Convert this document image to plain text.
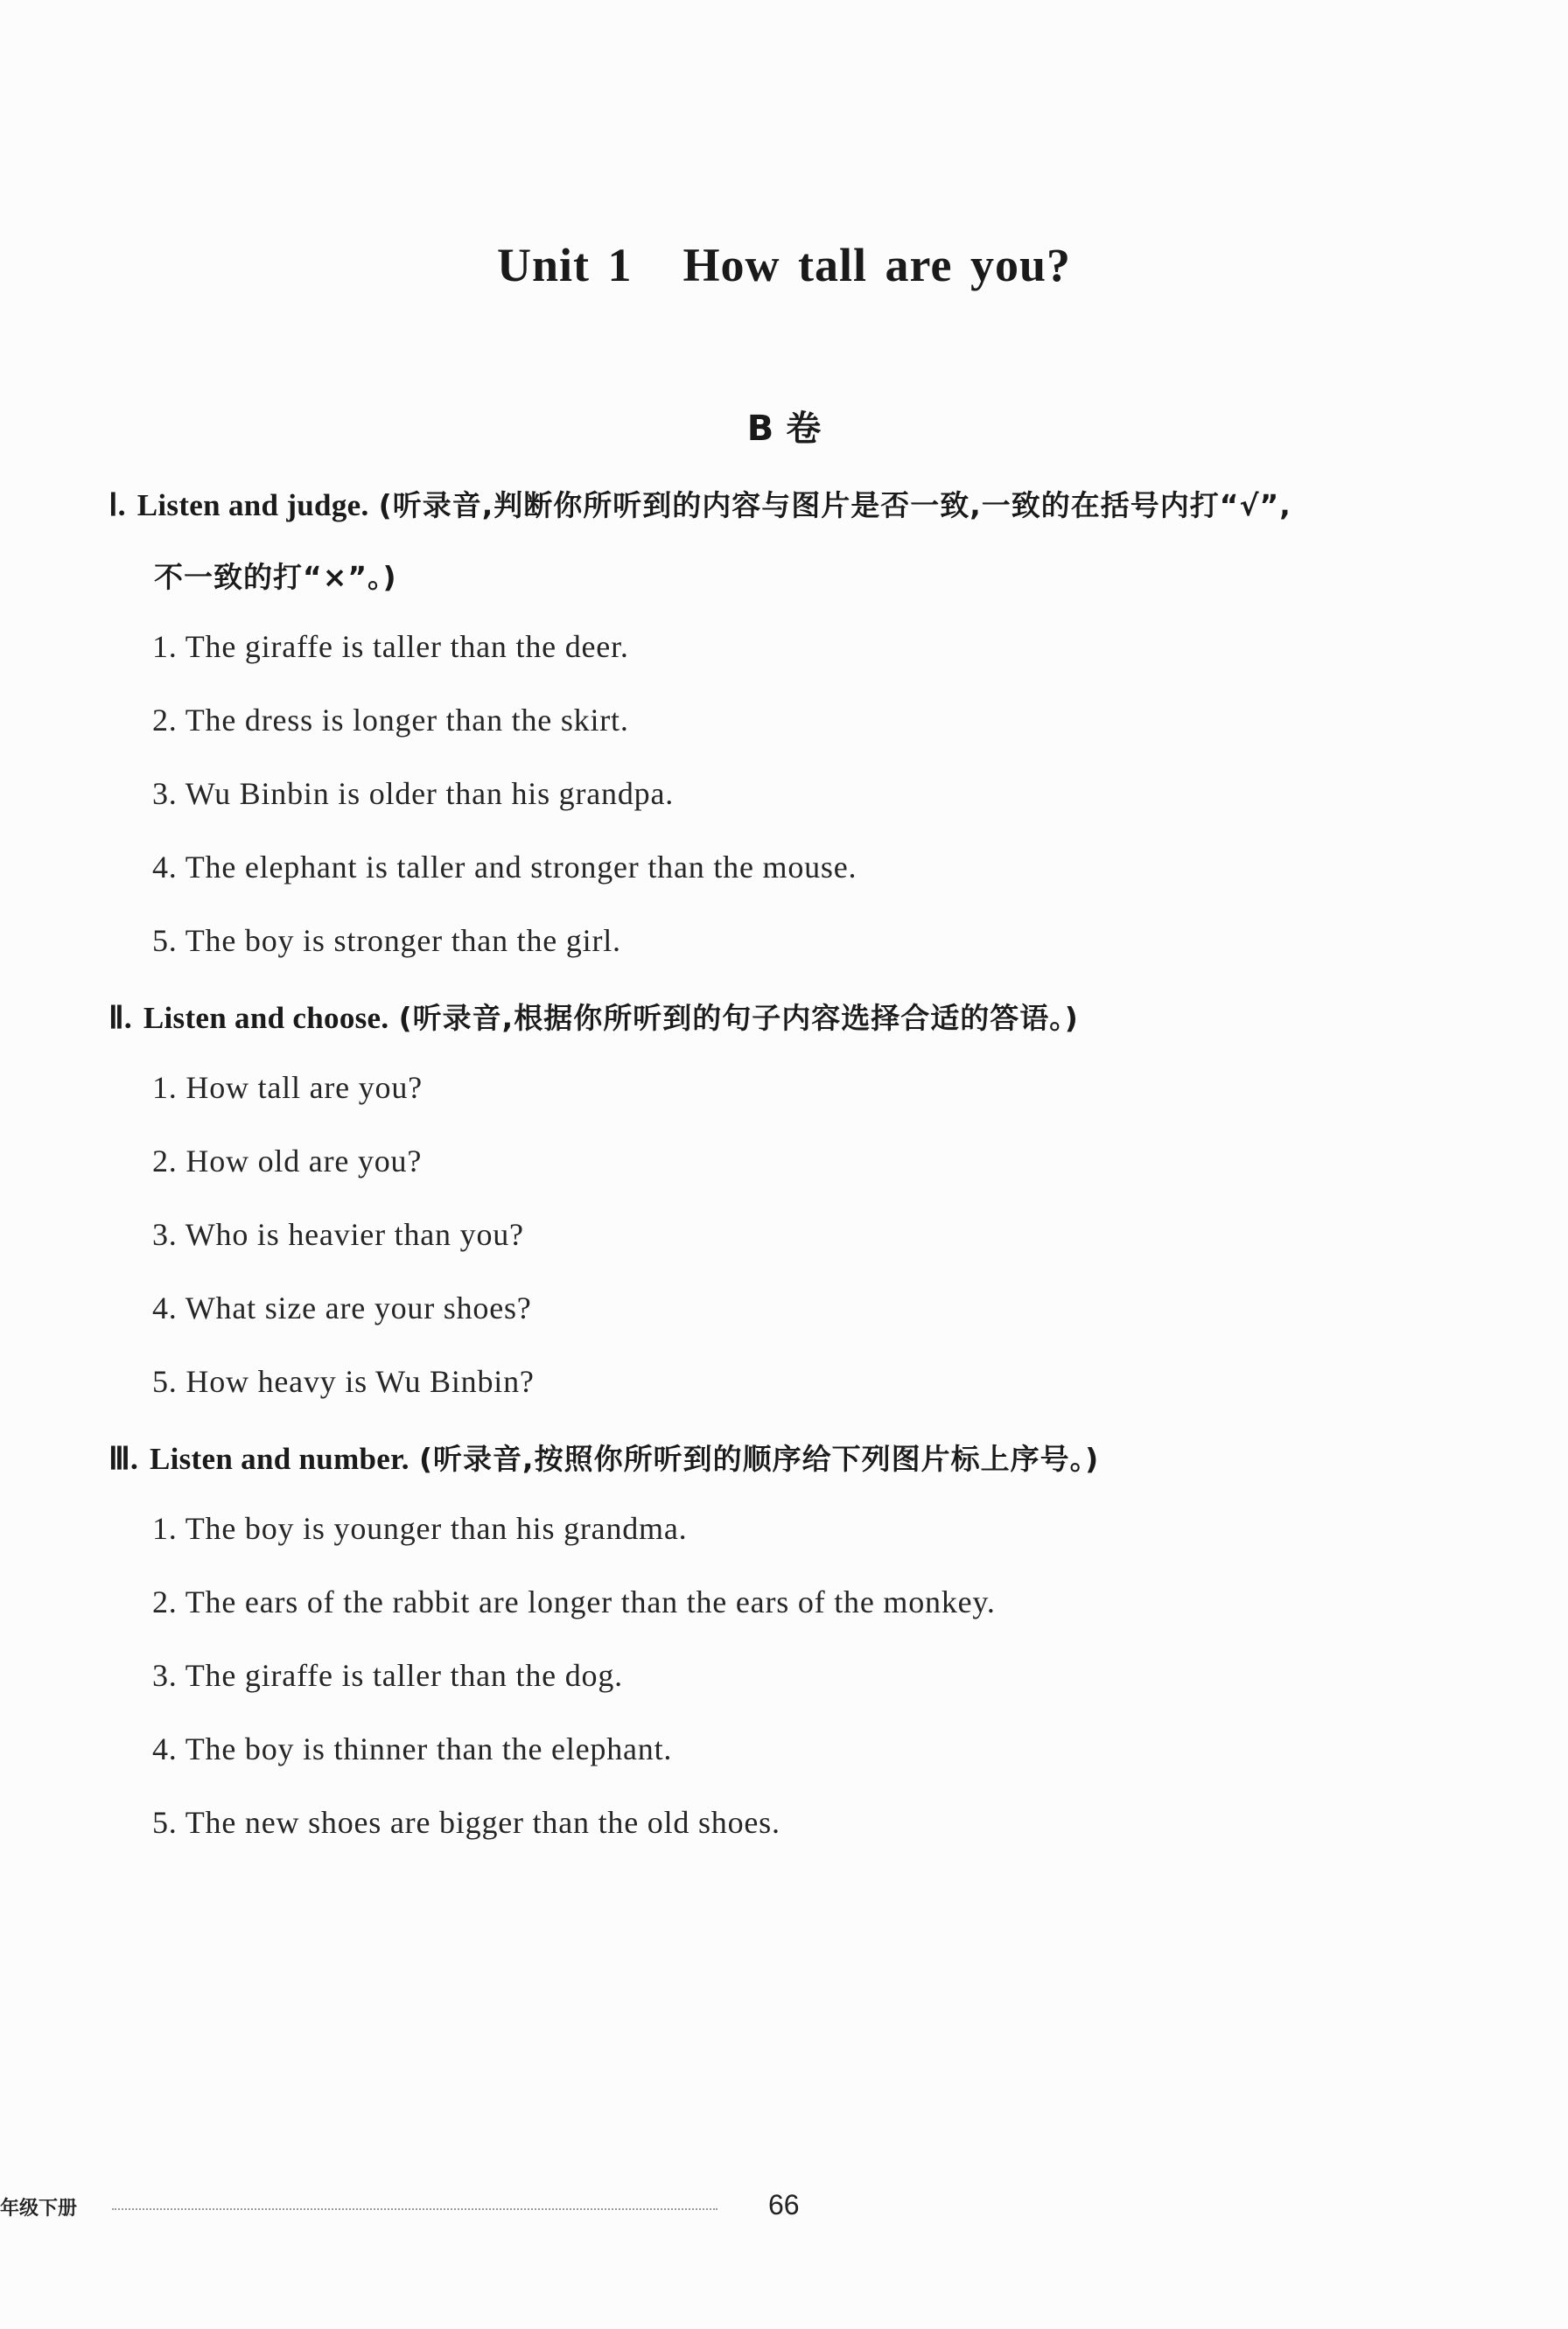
Unit 1 How tall are you?
B 卷
Ⅰ. Listen and judge. (听录音,判断你所听到的内容与图片是否一致,一致的在括号内打“√”,
不一致的打“×”。)
1. The giraffe is taller than the deer.
2. The dress is longer than the skirt.
3. Wu Binbin is older than his grandpa.
4. The elephant is taller and stronger than the mouse.
5. The boy is stronger than the girl.
Ⅱ. Listen and choose. (听录音,根据你所听到的句子内容选择合适的答语。)
1. How tall are you?
2. How old are you?
3. Who is heavier than you?
4. What size are your shoes?
5. How heavy is Wu Binbin?
Ⅲ. Listen and number. (听录音,按照你所听到的顺序给下列图片标上序号。)
1. The boy is younger than his grandma.
2. The ears of the rabbit are longer than the ears of the monkey.
3. The giraffe is taller than the dog.
4. The boy is thinner than the elephant.
5. The new shoes are bigger than the old shoes.
年级下册	66
